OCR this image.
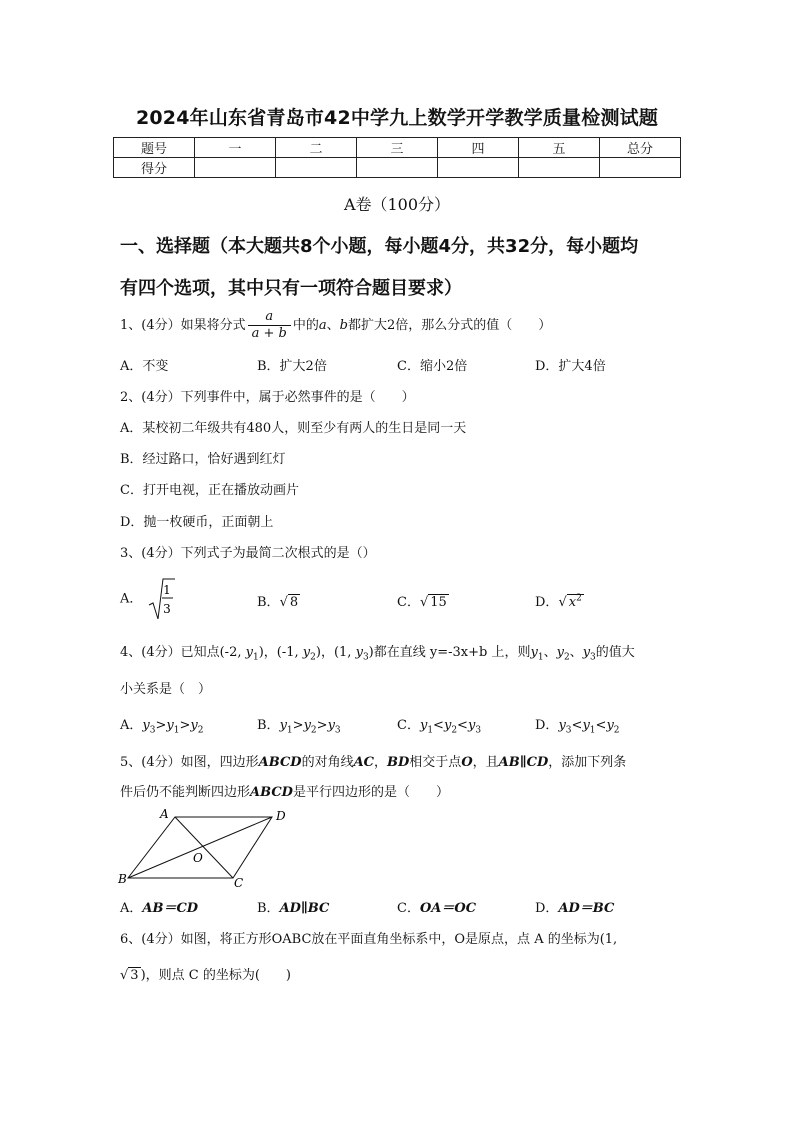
2024年山东省青岛市42中学九上数学开学教学质量检测试题
题号	一	二	三	四	五	总分
得分						
A卷（100分）
一、选择题（本大题共8个小题，每小题4分，共32分，每小题均
有四个选项，其中只有一项符合题目要求）
1、(4分）如果将分式 $\frac{a}{a + b}$ 中的a、b都扩大2倍，那么分式的值（　　）
A．不变	B．扩大2倍	C．缩小2倍	D．扩大4倍
2、(4分）下列事件中，属于必然事件的是（　　）
A．某校初二年级共有480人，则至少有两人的生日是同一天
B．经过路口，恰好遇到红灯
C．打开电视，正在播放动画片
D．抛一枚硬币，正面朝上
3、(4分）下列式子为最简二次根式的是（）
A．
1
3	B．√ 8	C．√ 15	D．√ $x^2$
4、(4分）已知点(-2, $y_1$)，(-1, $y_2$)，(1, $y_3$)都在直线 y=-3x+b 上，则$y_1$、$y_2$、$y_3$的值大
小关系是（　）
A．$y_3>y_1>y_2$	B．$y_1>y_2>y_3$	C．$y_1<y_2<y_3$	D．$y_3<y_1<y_2$
5、(4分）如图，四边形ABCD的对角线AC，BD相交于点O，且AB∥CD，添加下列条
件后仍不能判断四边形ABCD是平行四边形的是（　　）
A	D
O
B	C
A．AB＝CD	B．AD∥BC	C．OA＝OC	D．AD＝BC
6、(4分）如图，将正方形OABC放在平面直角坐标系中，O是原点，点 A 的坐标为(1,
√ 3 )，则点 C 的坐标为(　　)
